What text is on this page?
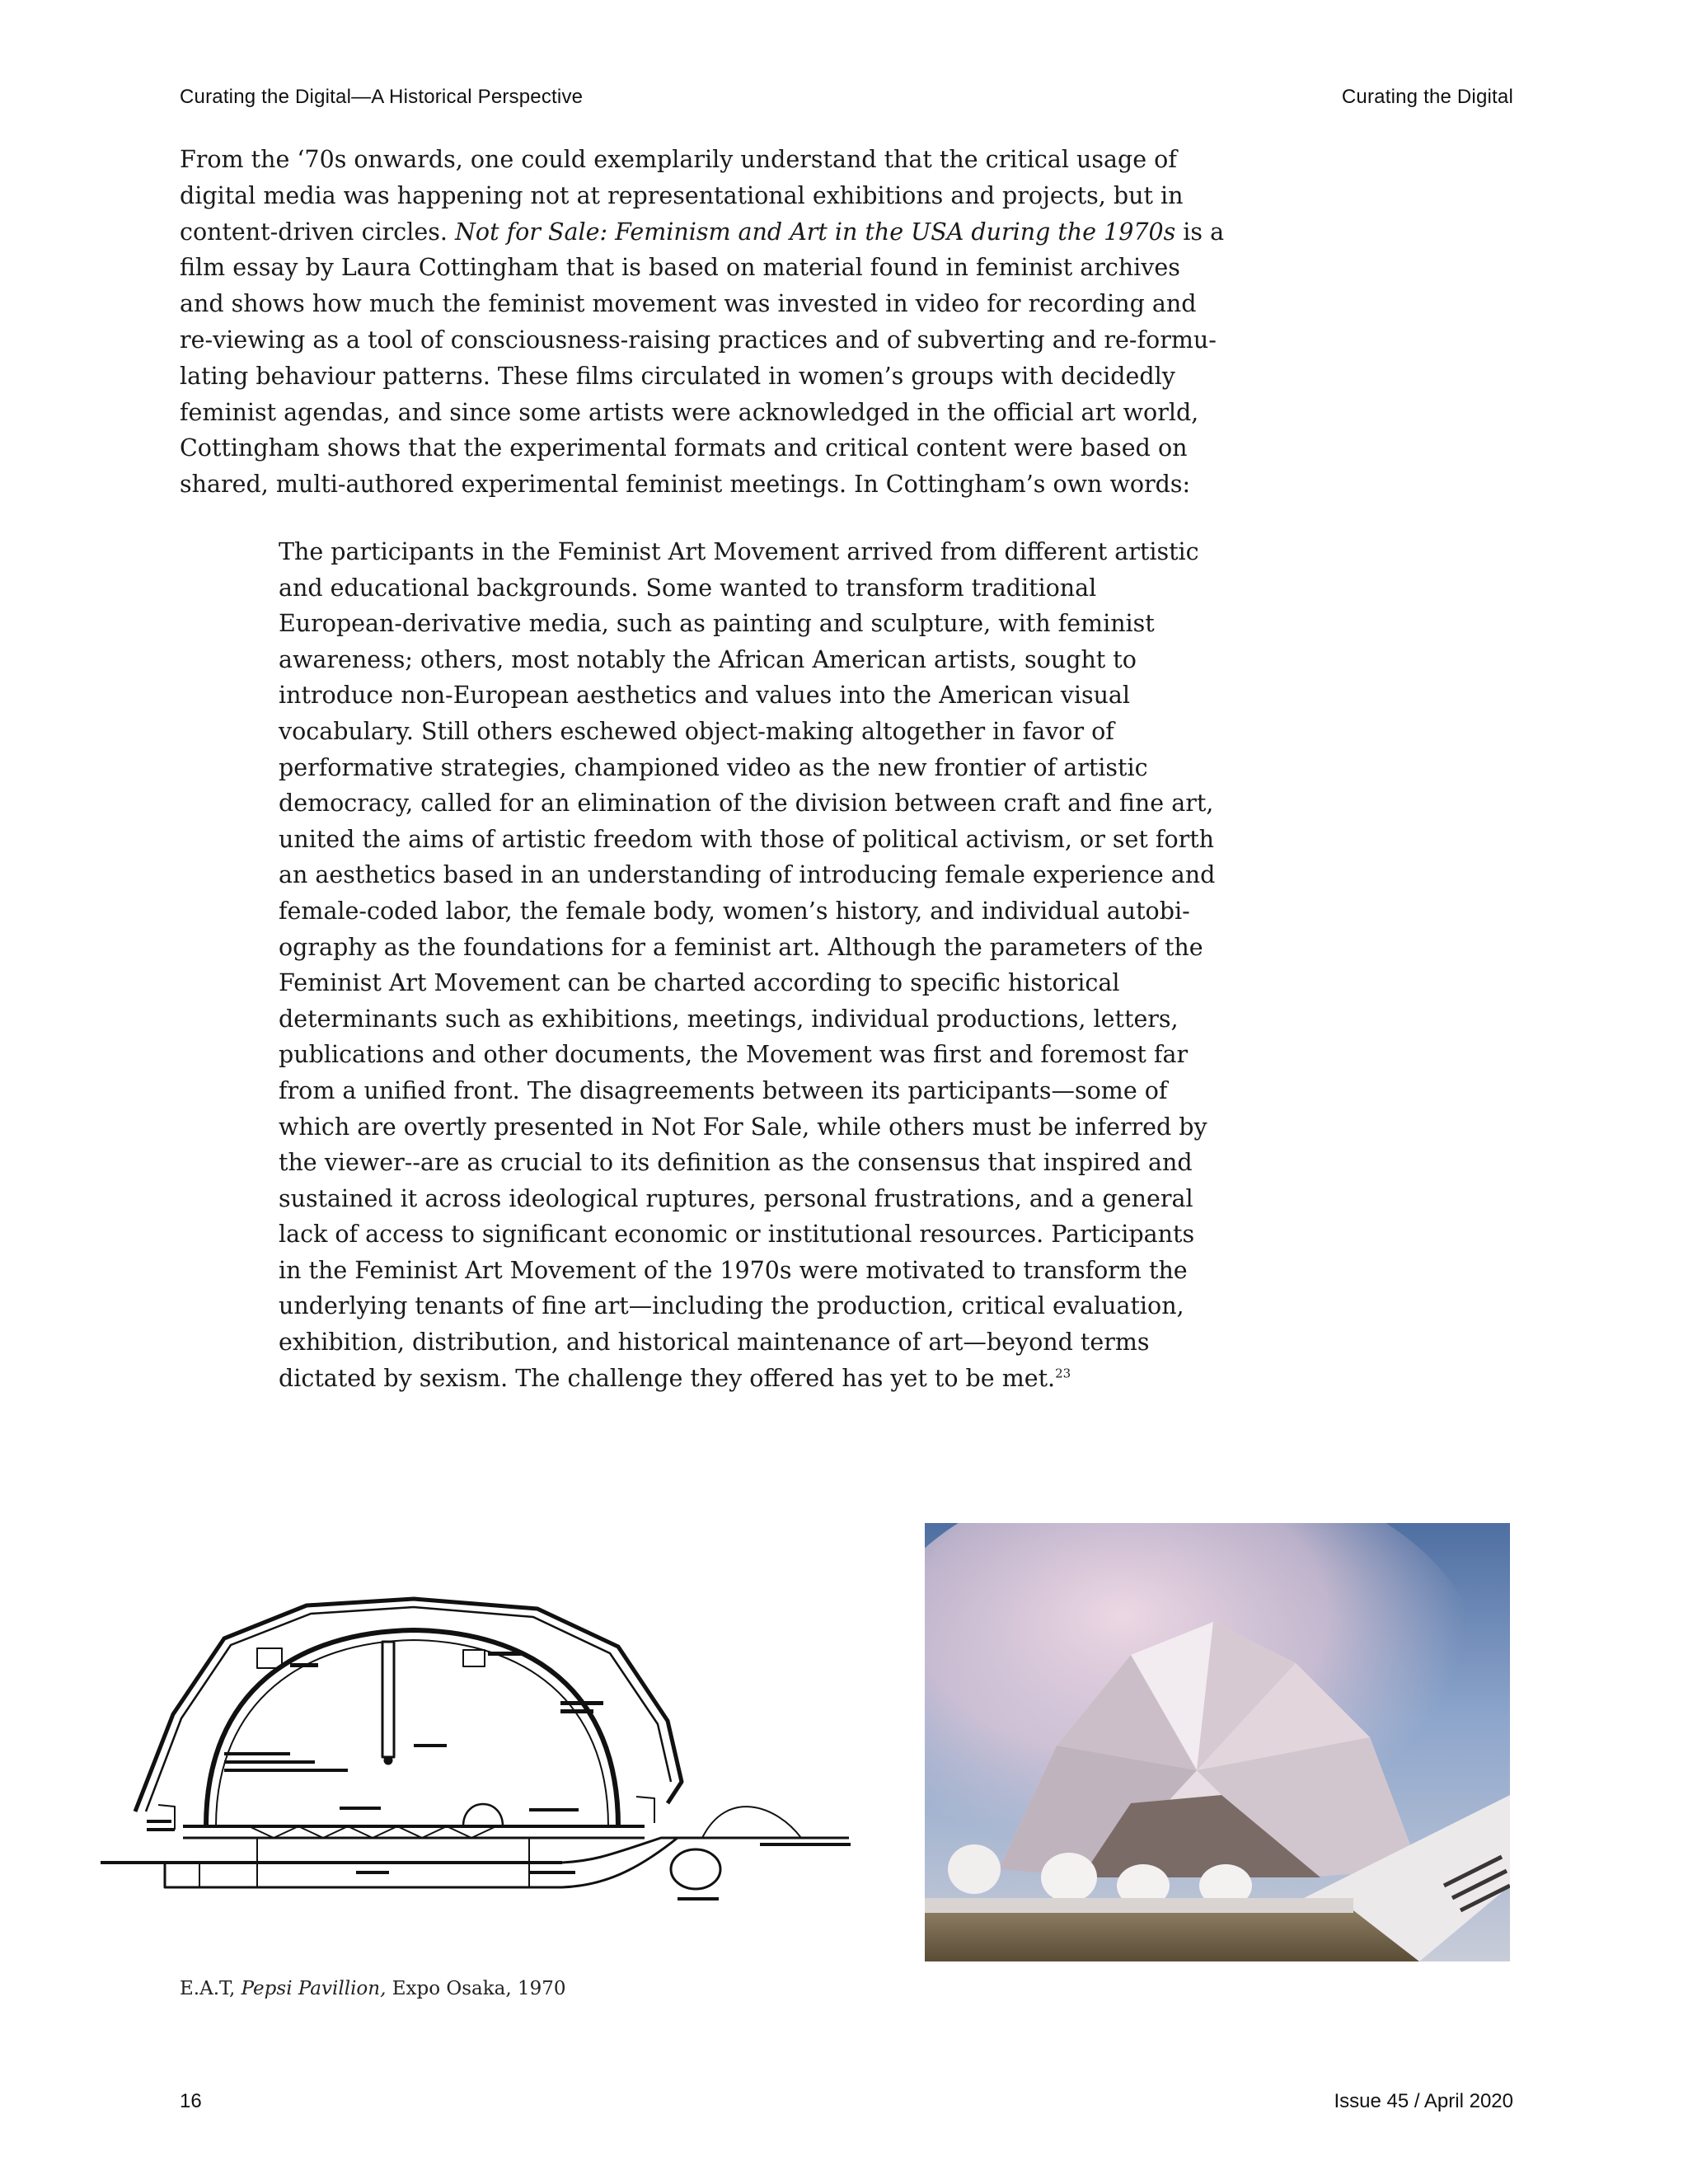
Curating the Digital—A Historical Perspective	Curating the Digital
From the ‘70s onwards, one could exemplarily understand that the critical usage of
digital media was happening not at representational exhibitions and projects, but in
content-driven circles. Not for Sale: Feminism and Art in the USA during the 1970s is a
film essay by Laura Cottingham that is based on material found in feminist archives
and shows how much the feminist movement was invested in video for recording and
re-viewing as a tool of consciousness-raising practices and of subverting and re-formu-
lating behaviour patterns. These films circulated in women’s groups with decidedly
feminist agendas, and since some artists were acknowledged in the official art world,
Cottingham shows that the experimental formats and critical content were based on
shared, multi-authored experimental feminist meetings. In Cottingham’s own words:
The participants in the Feminist Art Movement arrived from different artistic
and educational backgrounds. Some wanted to transform traditional
European-derivative media, such as painting and sculpture, with feminist
awareness; others, most notably the African American artists, sought to
introduce non-European aesthetics and values into the American visual
vocabulary. Still others eschewed object-making altogether in favor of
performative strategies, championed video as the new frontier of artistic
democracy, called for an elimination of the division between craft and fine art,
united the aims of artistic freedom with those of political activism, or set forth
an aesthetics based in an understanding of introducing female experience and
female-coded labor, the female body, women’s history, and individual autobi-
ography as the foundations for a feminist art. Although the parameters of the
Feminist Art Movement can be charted according to specific historical
determinants such as exhibitions, meetings, individual productions, letters,
publications and other documents, the Movement was first and foremost far
from a unified front. The disagreements between its participants—some of
which are overtly presented in Not For Sale, while others must be inferred by
the viewer--are as crucial to its definition as the consensus that inspired and
sustained it across ideological ruptures, personal frustrations, and a general
lack of access to significant economic or institutional resources. Participants
in the Feminist Art Movement of the 1970s were motivated to transform the
underlying tenants of fine art—including the production, critical evaluation,
exhibition, distribution, and historical maintenance of art—beyond terms
dictated by sexism. The challenge they offered has yet to be met.$^{23}$
E.A.T, Pepsi Pavillion, Expo Osaka, 1970
16	Issue 45 / April 2020
